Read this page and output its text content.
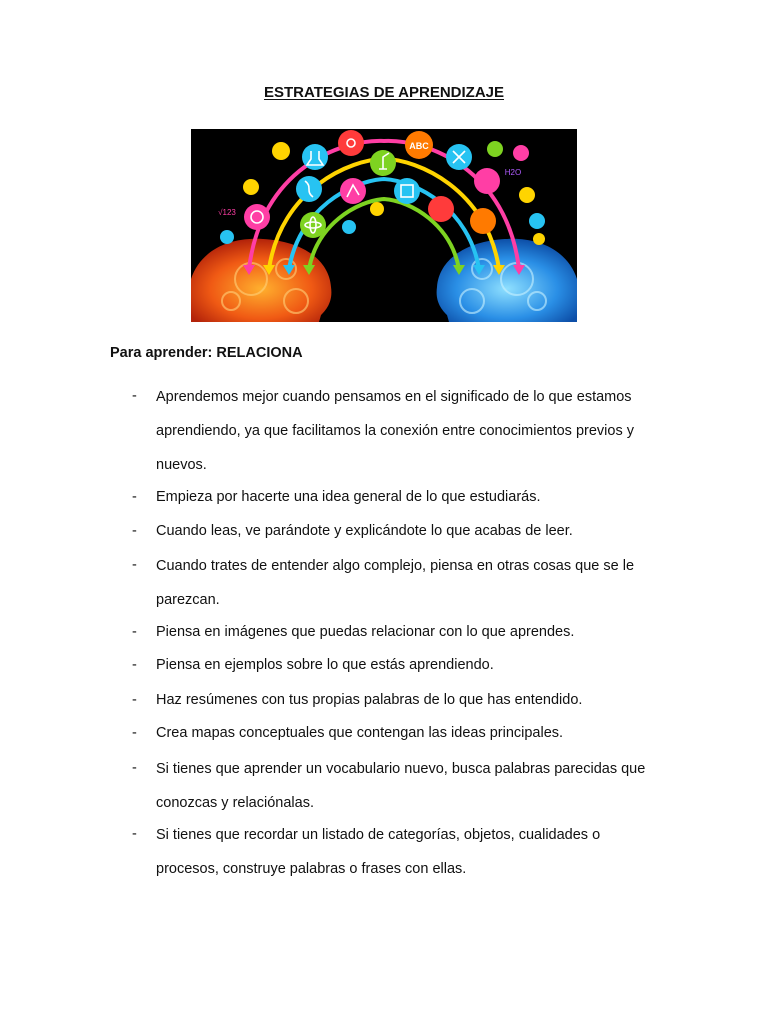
ESTRATEGIAS DE APRENDIZAJE
ABC
H2O
√123
Para aprender: RELACIONA
- Aprendemos mejor cuando pensamos en el significado de lo que estamos aprendiendo, ya que facilitamos la conexión entre conocimientos previos y nuevos.
- Empieza por hacerte una idea general de lo que estudiarás.
- Cuando leas, ve parándote y explicándote lo que acabas de leer.
- Cuando trates de entender algo complejo, piensa en otras cosas que se le parezcan.
- Piensa en imágenes que puedas relacionar con lo que aprendes.
- Piensa en ejemplos sobre lo que estás aprendiendo.
- Haz resúmenes con tus propias palabras de lo que has entendido.
- Crea mapas conceptuales que contengan las ideas principales.
- Si tienes que aprender un vocabulario nuevo, busca palabras parecidas que conozcas y relaciónalas.
- Si tienes que recordar un listado de categorías, objetos, cualidades o procesos, construye palabras o frases con ellas.
